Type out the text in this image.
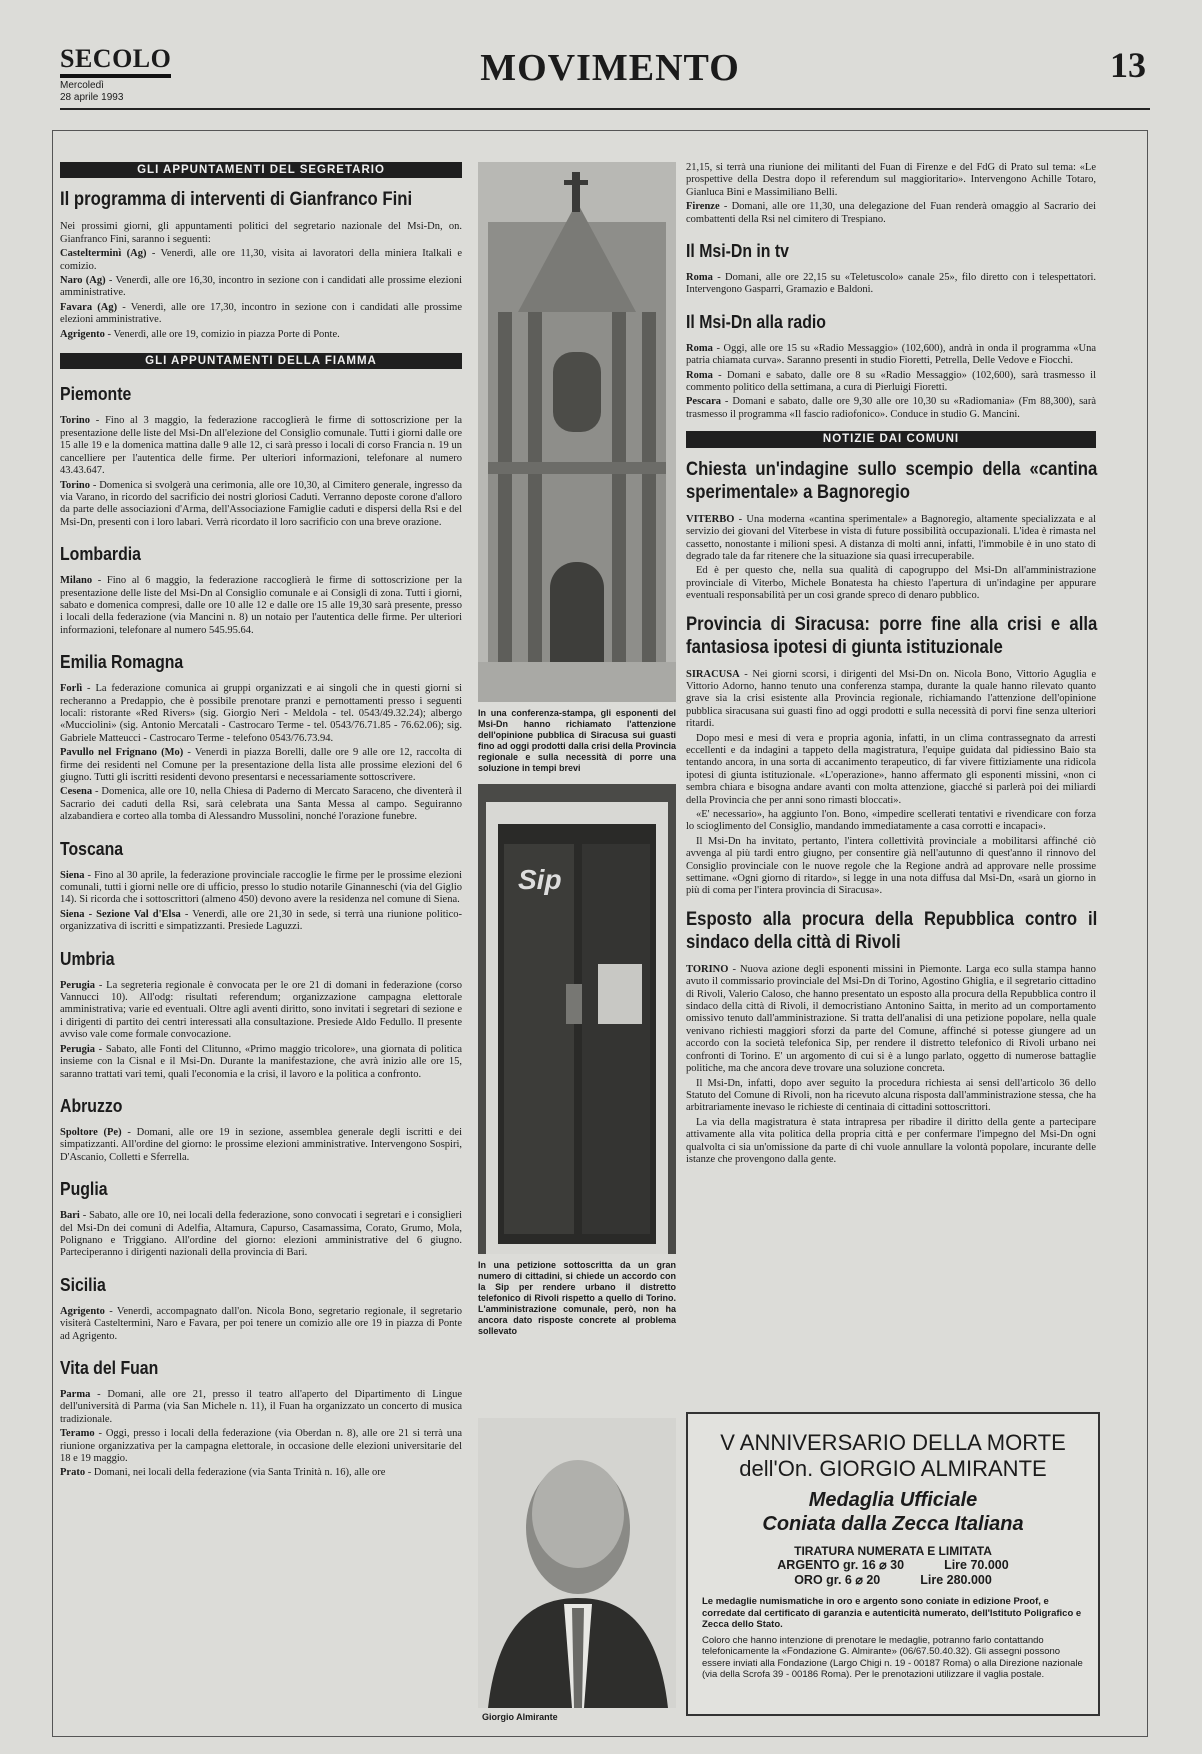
SECOLO
Mercoledì
28 aprile 1993
MOVIMENTO	13
GLI APPUNTAMENTI DEL SEGRETARIO
Il programma di interventi di Gianfranco Fini

Nei prossimi giorni, gli appuntamenti politici del segretario nazionale del Msi-Dn, on. Gianfranco Fini, saranno i seguenti:

Castelterminì (Ag) - Venerdì, alle ore 11,30, visita ai lavoratori della miniera Italkali e comizio.

Naro (Ag) - Venerdì, alle ore 16,30, incontro in sezione con i candidati alle prossime elezioni amministrative.

Favara (Ag) - Venerdì, alle ore 17,30, incontro in sezione con i candidati alle prossime elezioni amministrative.

Agrigento - Venerdì, alle ore 19, comizio in piazza Porte di Ponte.

GLI APPUNTAMENTI DELLA FIAMMA
Piemonte

Torino - Fino al 3 maggio, la federazione raccoglierà le firme di sottoscrizione per la presentazione delle liste del Msi-Dn all'elezione del Consiglio comunale. Tutti i giorni dalle ore 15 alle 19 e la domenica mattina dalle 9 alle 12, ci sarà presso i locali di corso Francia n. 19 un cancelliere per l'autentica delle firme. Per ulteriori informazioni, telefonare al numero 43.43.647.

Torino - Domenica si svolgerà una cerimonia, alle ore 10,30, al Cimitero generale, ingresso da via Varano, in ricordo del sacrificio dei nostri gloriosi Caduti. Verranno deposte corone d'alloro da parte delle associazioni d'Arma, dell'Associazione Famiglie caduti e dispersi della Rsi e del Msi-Dn, presenti con i loro labari. Verrà ricordato il loro sacrificio con una breve orazione.

Lombardia

Milano - Fino al 6 maggio, la federazione raccoglierà le firme di sottoscrizione per la presentazione delle liste del Msi-Dn al Consiglio comunale e ai Consigli di zona. Tutti i giorni, sabato e domenica compresi, dalle ore 10 alle 12 e dalle ore 15 alle 19,30 sarà presente, presso i locali della federazione (via Mancini n. 8) un notaio per l'autentica delle firme. Per ulteriori informazioni, telefonare al numero 545.95.64.

Emilia Romagna

Forlì - La federazione comunica ai gruppi organizzati e ai singoli che in questi giorni si recheranno a Predappio, che è possibile prenotare pranzi e pernottamenti presso i seguenti locali: ristorante «Red Rivers» (sig. Giorgio Neri - Meldola - tel. 0543/49.32.24); albergo «Mucciolini» (sig. Antonio Mercatali - Castrocaro Terme - tel. 0543/76.71.85 - 76.62.06); sig. Gabriele Matteucci - Castrocaro Terme - telefono 0543/76.73.94.

Pavullo nel Frignano (Mo) - Venerdì in piazza Borelli, dalle ore 9 alle ore 12, raccolta di firme dei residenti nel Comune per la presentazione della lista alle prossime elezioni del 6 giugno. Tutti gli iscritti residenti devono presentarsi e necessariamente sottoscrivere.

Cesena - Domenica, alle ore 10, nella Chiesa di Paderno di Mercato Saraceno, che diventerà il Sacrario dei caduti della Rsi, sarà celebrata una Santa Messa al campo. Seguiranno alzabandiera e corteo alla tomba di Alessandro Mussolini, nonché l'orazione funebre.

Toscana

Siena - Fino al 30 aprile, la federazione provinciale raccoglie le firme per le prossime elezioni comunali, tutti i giorni nelle ore di ufficio, presso lo studio notarile Ginanneschi (via del Giglio 14). Si ricorda che i sottoscrittori (almeno 450) devono avere la residenza nel comune di Siena.

Siena - Sezione Val d'Elsa - Venerdì, alle ore 21,30 in sede, si terrà una riunione politico-organizzativa di iscritti e simpatizzanti. Presiede Laguzzi.

Umbria

Perugia - La segreteria regionale è convocata per le ore 21 di domani in federazione (corso Vannucci 10). All'odg: risultati referendum; organizzazione campagna elettorale amministrativa; varie ed eventuali. Oltre agli aventi diritto, sono invitati i segretari di sezione e i dirigenti di partito dei centri interessati alla consultazione. Presiede Aldo Fedullo. Il presente avviso vale come formale convocazione.

Perugia - Sabato, alle Fonti del Clitunno, «Primo maggio tricolore», una giornata di politica insieme con la Cisnal e il Msi-Dn. Durante la manifestazione, che avrà inizio alle ore 15, saranno trattati vari temi, quali l'economia e la crisi, il lavoro e la politica a confronto.

Abruzzo

Spoltore (Pe) - Domani, alle ore 19 in sezione, assemblea generale degli iscritti e dei simpatizzanti. All'ordine del giorno: le prossime elezioni amministrative. Intervengono Sospiri, D'Ascanio, Colletti e Sferrella.

Puglia

Bari - Sabato, alle ore 10, nei locali della federazione, sono convocati i segretari e i consiglieri del Msi-Dn dei comuni di Adelfia, Altamura, Capurso, Casamassima, Corato, Grumo, Mola, Polignano e Triggiano. All'ordine del giorno: elezioni amministrative del 6 giugno. Parteciperanno i dirigenti nazionali della provincia di Bari.

Sicilia

Agrigento - Venerdì, accompagnato dall'on. Nicola Bono, segretario regionale, il segretario visiterà Castelterminì, Naro e Favara, per poi tenere un comizio alle ore 19 in piazza di Ponte ad Agrigento.

Vita del Fuan

Parma - Domani, alle ore 21, presso il teatro all'aperto del Dipartimento di Lingue dell'università di Parma (via San Michele n. 11), il Fuan ha organizzato un concerto di musica tradizionale.

Teramo - Oggi, presso i locali della federazione (via Oberdan n. 8), alle ore 21 si terrà una riunione organizzativa per la campagna elettorale, in occasione delle elezioni universitarie del 18 e 19 maggio.

Prato - Domani, nei locali della federazione (via Santa Trinità n. 16), alle ore

In una conferenza-stampa, gli esponenti del Msi-Dn hanno richiamato l'attenzione dell'opinione pubblica di Siracusa sui guasti fino ad oggi prodotti dalla crisi della Provincia regionale e sulla necessità di porre una soluzione in tempi brevi
Sip
In una petizione sottoscritta da un gran numero di cittadini, si chiede un accordo con la Sip per rendere urbano il distretto telefonico di Rivoli rispetto a quello di Torino. L'amministrazione comunale, però, non ha ancora dato risposte concrete al problema sollevato

21,15, si terrà una riunione dei militanti del Fuan di Firenze e del FdG di Prato sul tema: «Le prospettive della Destra dopo il referendum sul maggioritario». Intervengono Achille Totaro, Gianluca Bini e Massimiliano Belli.

Firenze - Domani, alle ore 11,30, una delegazione del Fuan renderà omaggio al Sacrario dei combattenti della Rsi nel cimitero di Trespiano.

Il Msi-Dn in tv

Roma - Domani, alle ore 22,15 su «Teletuscolo» canale 25», filo diretto con i telespettatori. Intervengono Gasparri, Gramazio e Baldoni.

Il Msi-Dn alla radio

Roma - Oggi, alle ore 15 su «Radio Messaggio» (102,600), andrà in onda il programma «Una patria chiamata curva». Saranno presenti in studio Fioretti, Petrella, Delle Vedove e Fiocchi.

Roma - Domani e sabato, dalle ore 8 su «Radio Messaggio» (102,600), sarà trasmesso il commento politico della settimana, a cura di Pierluigi Fioretti.

Pescara - Domani e sabato, dalle ore 9,30 alle ore 10,30 su «Radiomania» (Fm 88,300), sarà trasmesso il programma «Il fascio radiofonico». Conduce in studio G. Mancini.

NOTIZIE DAI COMUNI
Chiesta un'indagine sullo scempio della «cantina sperimentale» a Bagnoregio

VITERBO - Una moderna «cantina sperimentale» a Bagnoregio, altamente specializzata e al servizio dei giovani del Viterbese in vista di future possibilità occupazionali. L'idea è rimasta nel cassetto, nonostante i milioni spesi. A distanza di molti anni, infatti, l'immobile è in uno stato di degrado tale da far ritenere che la situazione sia quasi irrecuperabile.

Ed è per questo che, nella sua qualità di capogruppo del Msi-Dn all'amministrazione provinciale di Viterbo, Michele Bonatesta ha chiesto l'apertura di un'indagine per appurare eventuali responsabilità per un così grande spreco di denaro pubblico.

Provincia di Siracusa: porre fine alla crisi e alla fantasiosa ipotesi di giunta istituzionale

SIRACUSA - Nei giorni scorsi, i dirigenti del Msi-Dn on. Nicola Bono, Vittorio Aguglia e Vittorio Adorno, hanno tenuto una conferenza stampa, durante la quale hanno rilevato quanto grave sia la crisi esistente alla Provincia regionale, richiamando l'attenzione dell'opinione pubblica siracusana sui guasti fino ad oggi prodotti e sulla necessità di porvi fine senza ulteriori ritardi.

Dopo mesi e mesi di vera e propria agonia, infatti, in un clima contrassegnato da arresti eccellenti e da indagini a tappeto della magistratura, l'equipe guidata dal pidiessino Baio sta tentando ancora, in una sorta di accanimento terapeutico, di far vivere fittiziamente una ridicola ipotesi di giunta istituzionale. «L'operazione», hanno affermato gli esponenti missini, «non ci sembra chiara e bisogna andare avanti con molta attenzione, giacché si parlerà poi dei miliardi della Provincia che per anni sono rimasti bloccati».

«E' necessario», ha aggiunto l'on. Bono, «impedire scellerati tentativi e rivendicare con forza lo scioglimento del Consiglio, mandando immediatamente a casa corrotti e incapaci».

Il Msi-Dn ha invitato, pertanto, l'intera collettività provinciale a mobilitarsi affinché ciò avvenga al più tardi entro giugno, per consentire già nell'autunno di quest'anno il rinnovo del Consiglio provinciale con le nuove regole che la Regione andrà ad approvare nelle prossime settimane. «Ogni giorno di ritardo», si legge in una nota diffusa dal Msi-Dn, «sarà un giorno in più di coma per l'intera provincia di Siracusa».

Esposto alla procura della Repubblica contro il sindaco della città di Rivoli

TORINO - Nuova azione degli esponenti missini in Piemonte. Larga eco sulla stampa hanno avuto il commissario provinciale del Msi-Dn di Torino, Agostino Ghiglia, e il segretario cittadino di Rivoli, Valerio Caloso, che hanno presentato un esposto alla procura della Repubblica contro il sindaco della città di Rivoli, il democristiano Antonino Saitta, in merito ad un comportamento omissivo tenuto dall'amministrazione. Si tratta dell'analisi di una petizione popolare, nella quale venivano richiesti maggiori sforzi da parte del Comune, affinché si potesse giungere ad un accordo con la società telefonica Sip, per rendere il distretto telefonico di Rivoli urbano nei confronti di Torino. E' un argomento di cui si è a lungo parlato, oggetto di numerose battaglie politiche, ma che ancora deve trovare una soluzione concreta.

Il Msi-Dn, infatti, dopo aver seguito la procedura richiesta ai sensi dell'articolo 36 dello Statuto del Comune di Rivoli, non ha ricevuto alcuna risposta dall'amministrazione stessa, che ha arbitrariamente inevaso le richieste di centinaia di cittadini sottoscrittori.

La via della magistratura è stata intrapresa per ribadire il diritto della gente a partecipare attivamente alla vita politica della propria città e per confermare l'impegno del Msi-Dn ogni qualvolta ci sia un'omissione da parte di chi vuole annullare la volontà popolare, incurante delle istanze che provengono dalla gente.

Giorgio Almirante
V ANNIVERSARIO DELLA MORTE
dell'On. GIORGIO ALMIRANTE
Medaglia Ufficiale
Coniata dalla Zecca Italiana
TIRATURA NUMERATA E LIMITATA
ARGENTO gr. 16 ⌀ 30	Lire 70.000
ORO gr. 6 ⌀ 20	Lire 280.000
Le medaglie numismatiche in oro e argento sono coniate in edizione Proof, e corredate dal certificato di garanzia e autenticità numerato, dell'Istituto Poligrafico e Zecca dello Stato.
Coloro che hanno intenzione di prenotare le medaglie, potranno farlo contattando telefonicamente la «Fondazione G. Almirante» (06/67.50.40.32). Gli assegni possono essere inviati alla Fondazione (Largo Chigi n. 19 - 00187 Roma) o alla Direzione nazionale (via della Scrofa 39 - 00186 Roma). Per le prenotazioni utilizzare il vaglia postale.
